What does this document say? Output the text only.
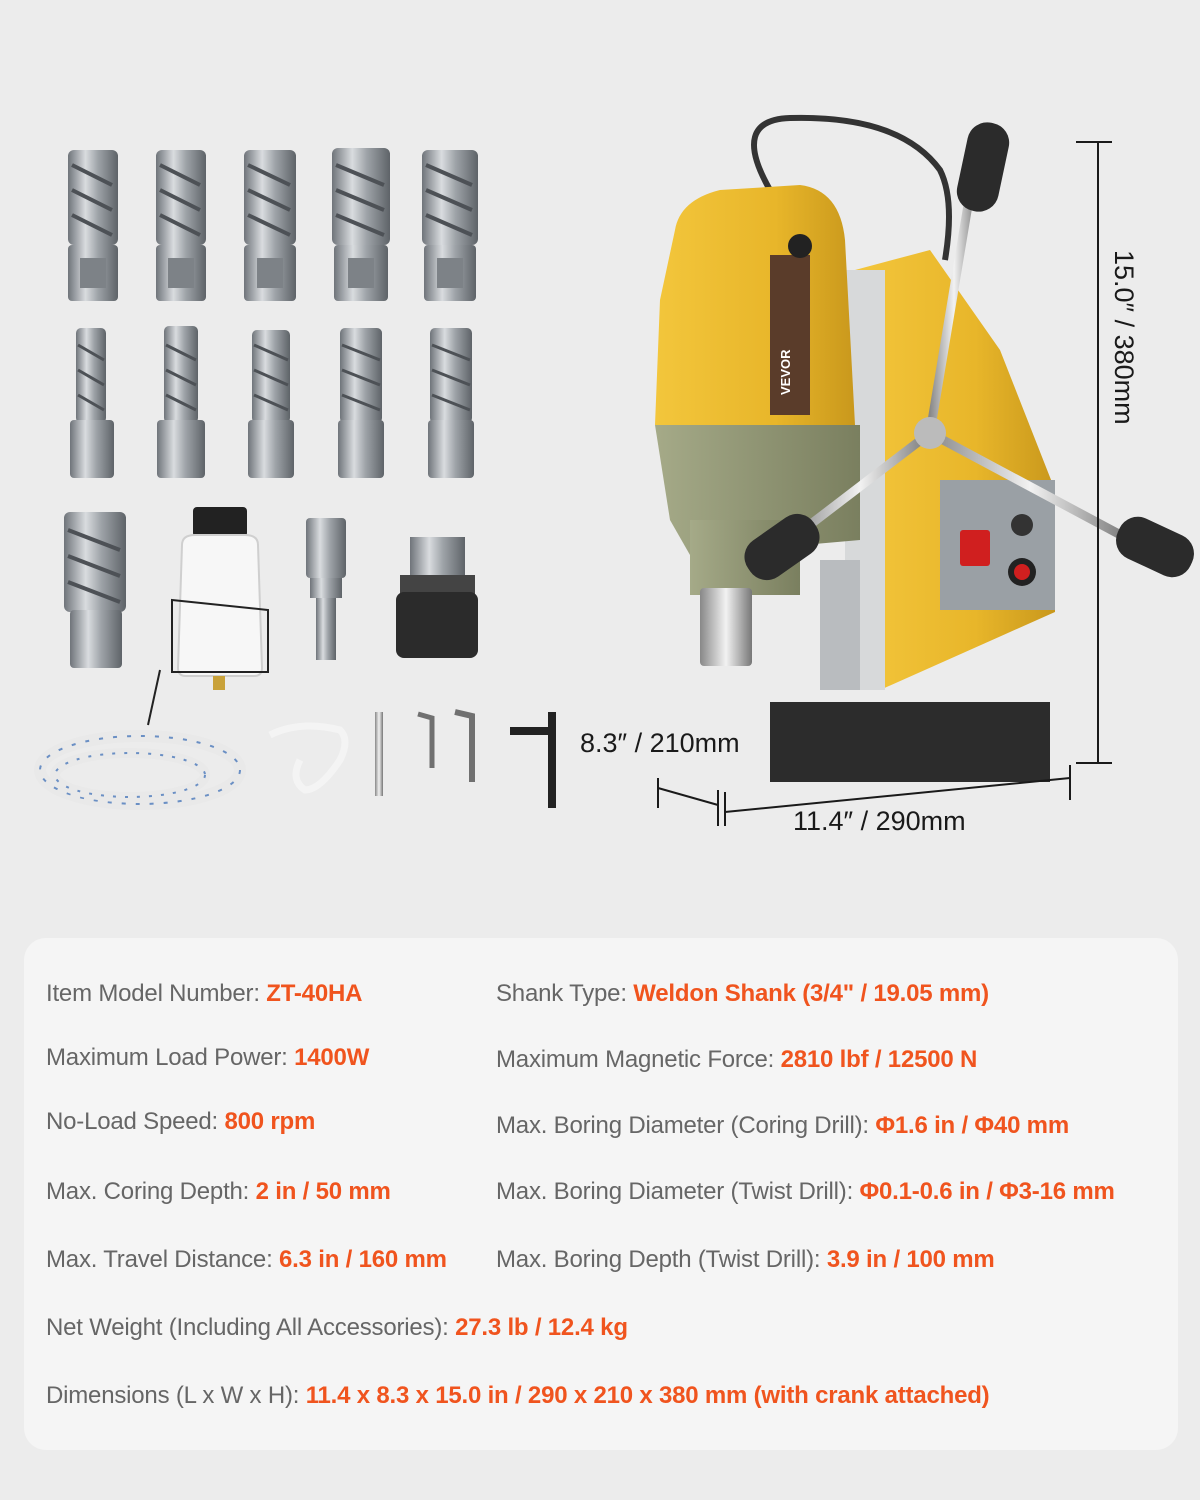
VEVOR	15.0″ / 380mm
8.3″ / 210mm
11.4″ / 290mm
Item Model Number: ZT-40HA	Shank Type: Weldon Shank (3/4" / 19.05 mm)
Maximum Load Power: 1400W	Maximum Magnetic Force: 2810 lbf / 12500 N
No-Load Speed: 800 rpm	Max. Boring Diameter (Coring Drill): Φ1.6 in / Φ40 mm
Max. Coring Depth: 2 in / 50 mm	Max. Boring Diameter (Twist Drill): Φ0.1-0.6 in / Φ3-16 mm
Max. Travel Distance: 6.3 in / 160 mm Max. Boring Depth (Twist Drill): 3.9 in / 100 mm
Net Weight (Including All Accessories): 27.3 lb / 12.4 kg
Dimensions (L x W x H): 11.4 x 8.3 x 15.0 in / 290 x 210 x 380 mm (with crank attached)
